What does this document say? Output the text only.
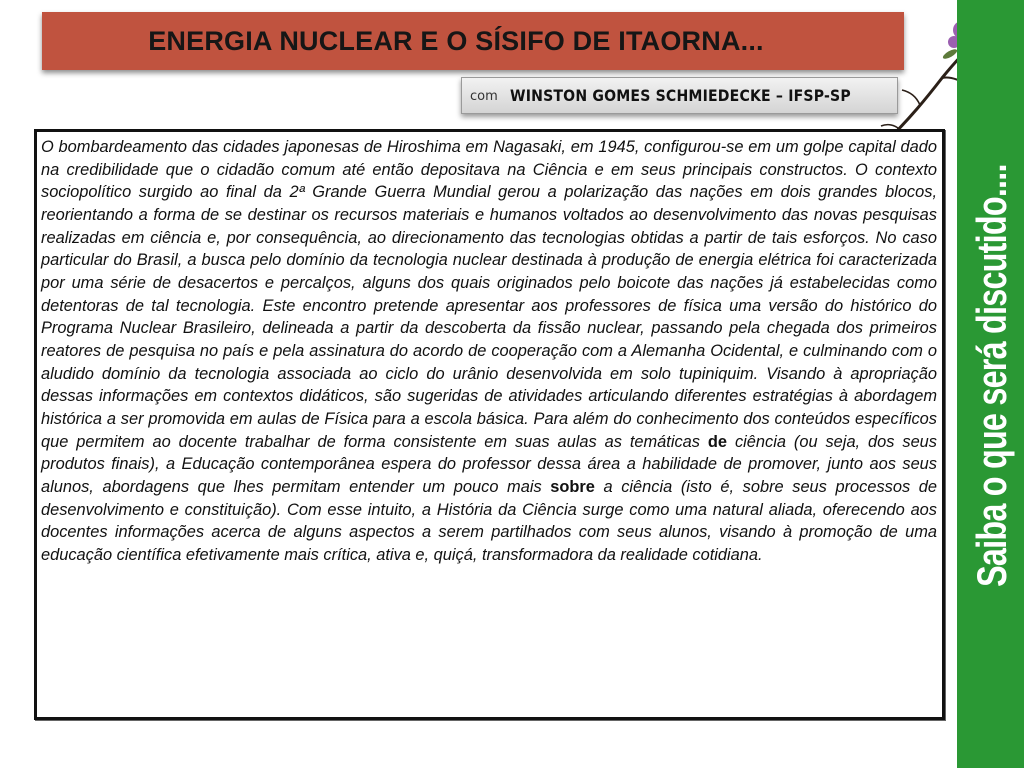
ENERGIA NUCLEAR E O SÍSIFO DE ITAORNA...
com WINSTON GOMES SCHMIEDECKE – IFSP-SP

O bombardeamento das cidades japonesas de Hiroshima em Nagasaki, em 1945, configurou-se em um golpe capital dado na credibilidade que o cidadão comum até então depositava na Ciência e em seus principais constructos. O contexto sociopolítico surgido ao final da 2ª Grande Guerra Mundial gerou a polarização das nações em dois grandes blocos, reorientando a forma de se destinar os recursos materiais e humanos voltados ao desenvolvimento das novas pesquisas realizadas em ciência e, por consequência, ao direcionamento das tecnologias obtidas a partir de tais esforços. No caso particular do Brasil, a busca pelo domínio da tecnologia nuclear destinada à produção de energia elétrica foi caracterizada por uma série de desacertos e percalços, alguns dos quais originados pelo boicote das nações já estabelecidas como detentoras de tal tecnologia. Este encontro pretende apresentar aos professores de física uma versão do histórico do Programa Nuclear Brasileiro, delineada a partir da descoberta da fissão nuclear, passando pela chegada dos primeiros reatores de pesquisa no país e pela assinatura do acordo de cooperação com a Alemanha Ocidental, e culminando com o aludido domínio da tecnologia associada ao ciclo do urânio desenvolvida em solo tupiniquim. Visando à apropriação dessas informações em contextos didáticos, são sugeridas de atividades articulando diferentes estratégias à abordagem histórica a ser promovida em aulas de Física para a escola básica. Para além do conhecimento dos conteúdos específicos que permitem ao docente trabalhar de forma consistente em suas aulas as temáticas de ciência (ou seja, dos seus produtos finais), a Educação contemporânea espera do professor dessa área a habilidade de promover, junto aos seus alunos, abordagens que lhes permitam entender um pouco mais sobre a ciência (isto é, sobre seus processos de desenvolvimento e constituição). Com esse intuito, a História da Ciência surge como uma natural aliada, oferecendo aos docentes informações acerca de alguns aspectos a serem partilhados com seus alunos, visando à promoção de uma educação científica efetivamente mais crítica, ativa e, quiçá, transformadora da realidade cotidiana.	Saiba o que será discutido....
